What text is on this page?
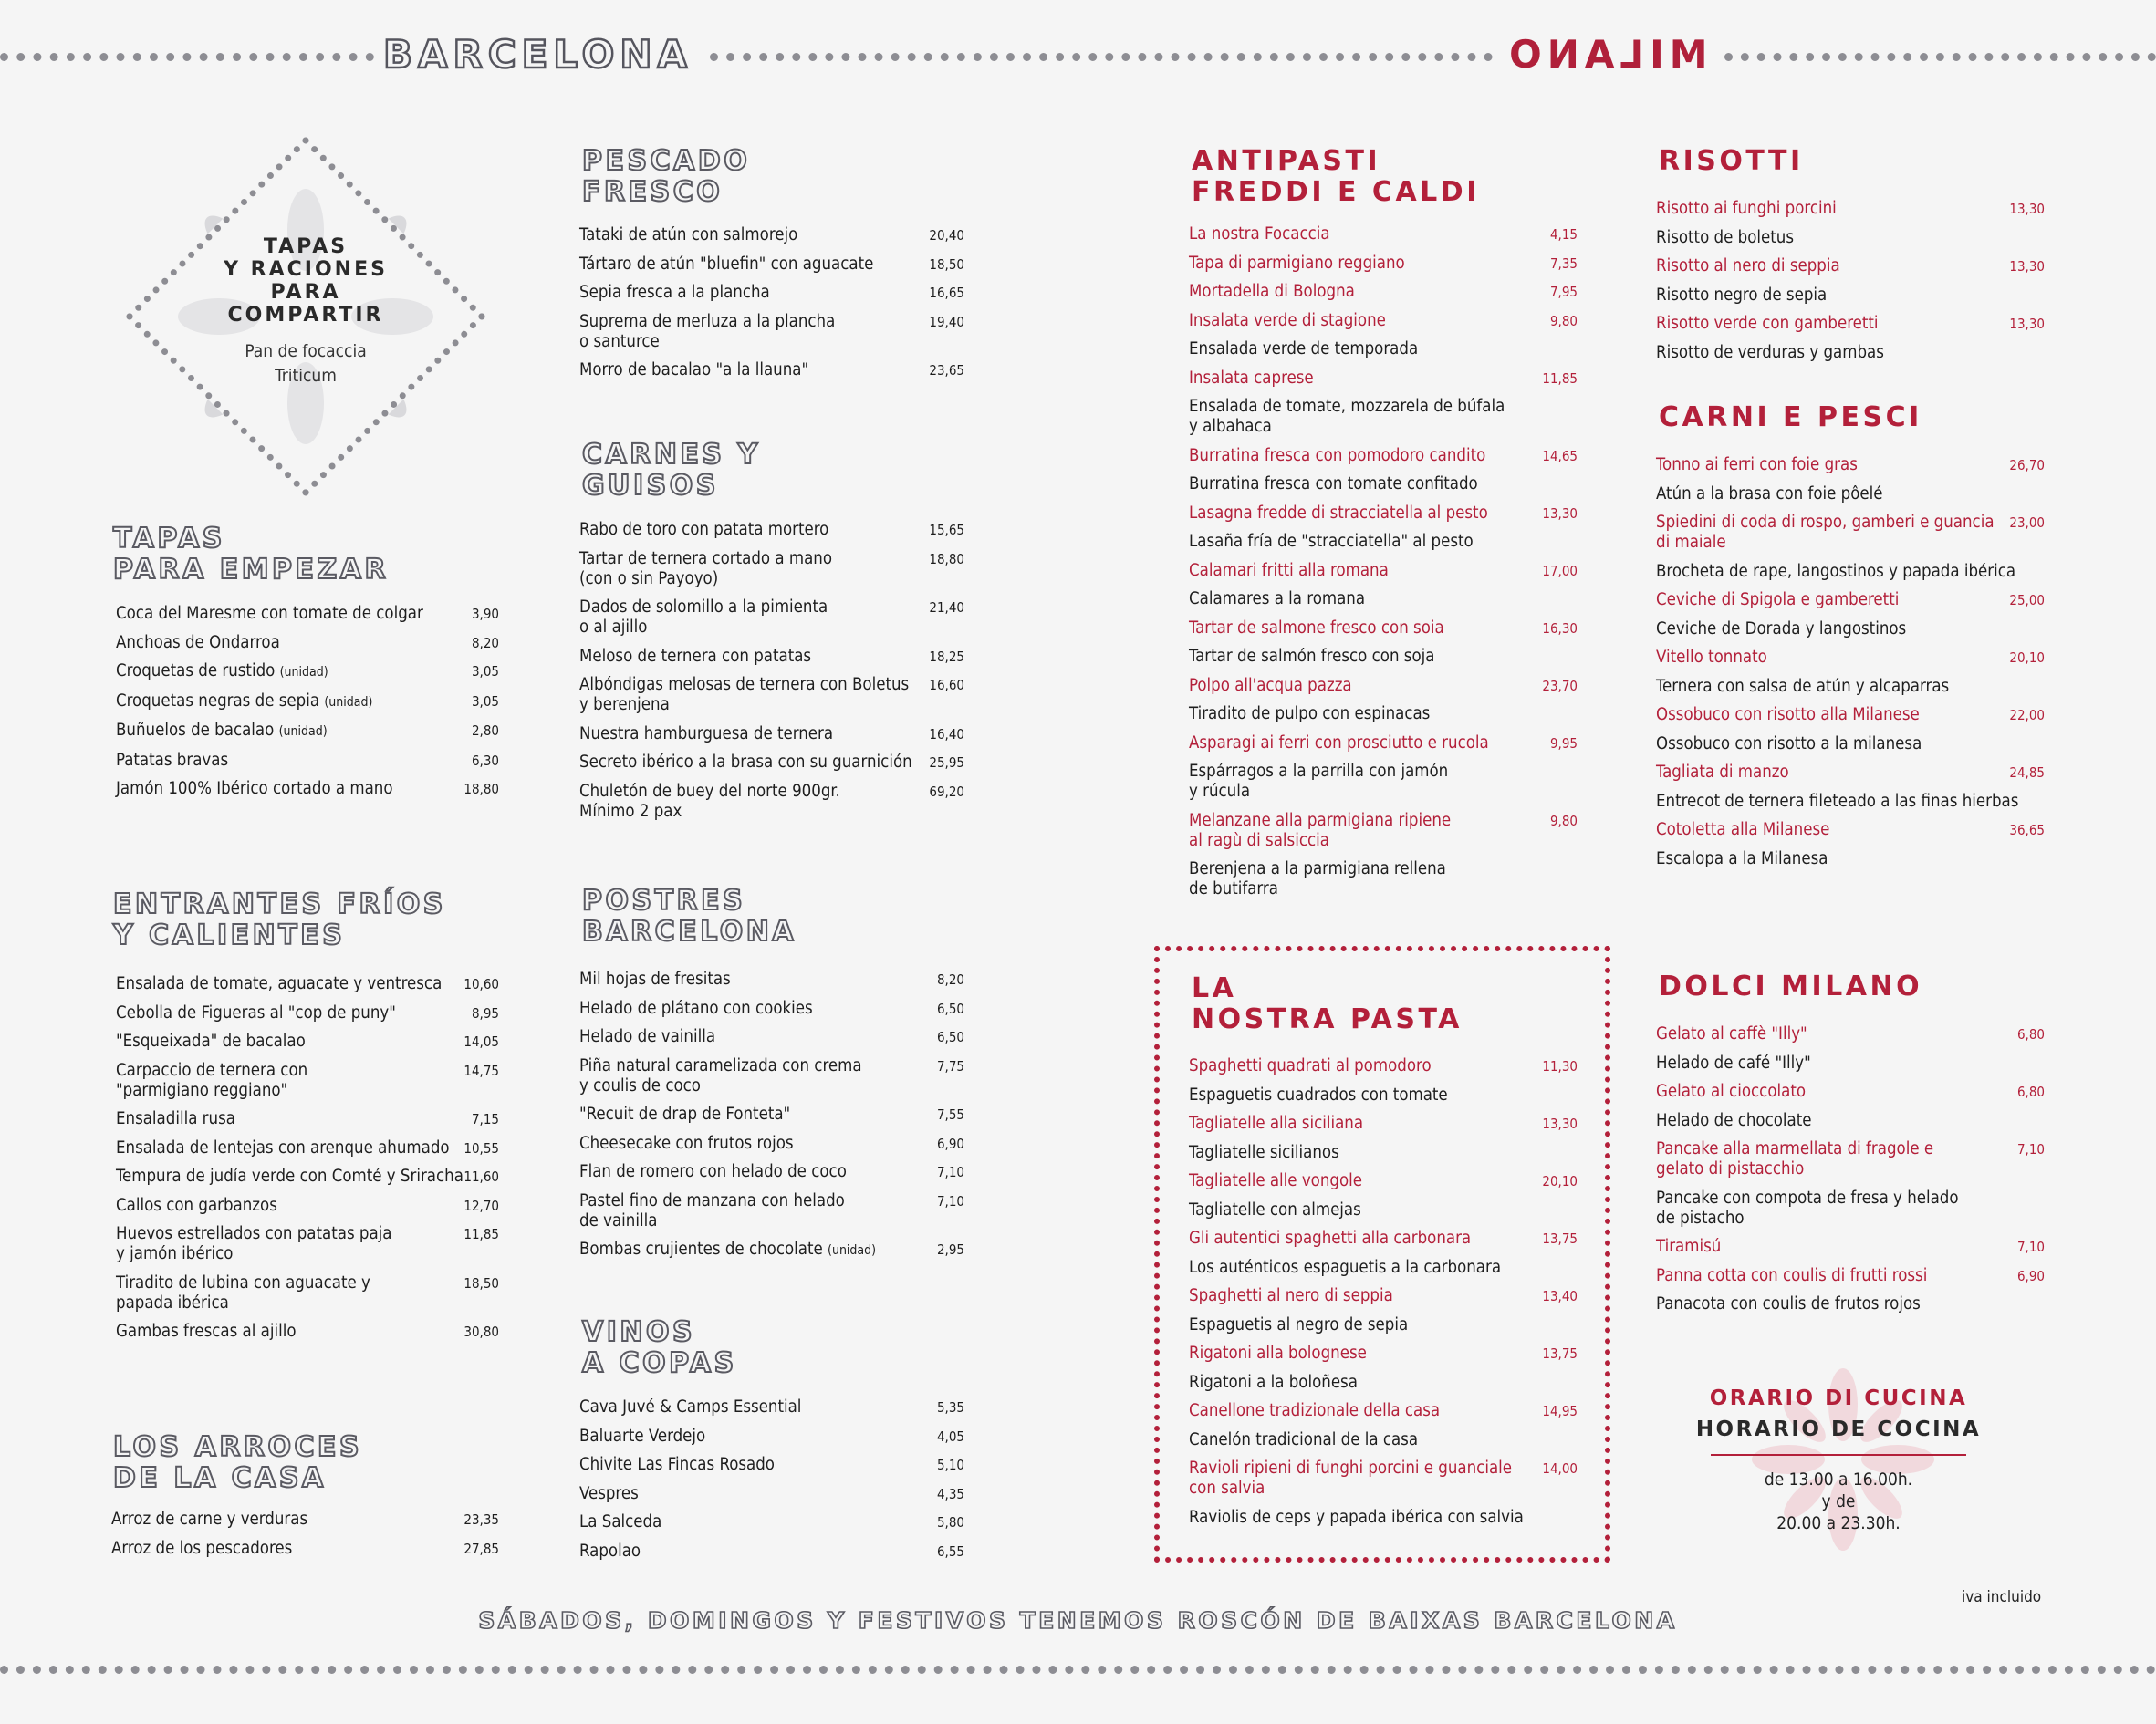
BARCELONA	MILANO
TAPAS
Y RACIONES
PARA
COMPARTIR
Pan de focaccia
Triticum
TAPAS
PARA EMPEZAR
ENTRANTES FRÍOS
Y CALIENTES
LOS ARROCES
DE LA CASA
PESCADO
FRESCO
CARNES Y
GUISOS
POSTRES
BARCELONA
VINOS
A COPAS
ANTIPASTI
FREDDI E CALDI
LA
NOSTRA PASTA
RISOTTI
CARNI E PESCI
DOLCI MILANO
Coca del Maresme con tomate de colgar	3,90
Anchoas de Ondarroa	8,20
Croquetas de rustido (unidad)	3,05
Croquetas negras de sepia (unidad)	3,05
Buñuelos de bacalao (unidad)	2,80
Patatas bravas	6,30
Jamón 100% Ibérico cortado a mano	18,80
Ensalada de tomate, aguacate y ventresca	10,60
Cebolla de Figueras al "cop de puny"	8,95
"Esqueixada" de bacalao	14,05
Carpaccio de ternera con
"parmigiano reggiano"
14,75
Ensaladilla rusa	7,15
Ensalada de lentejas con arenque ahumado	10,55
Tempura de judía verde con Comté y Sriracha 11,60
Callos con garbanzos	12,70
Huevos estrellados con patatas paja
y jamón ibérico
11,85
Tiradito de lubina con aguacate y
papada ibérica
18,50
Gambas frescas al ajillo	30,80
Arroz de carne y verduras	23,35
Arroz de los pescadores	27,85
Tataki de atún con salmorejo	20,40
Tártaro de atún "bluefin" con aguacate	18,50
Sepia fresca a la plancha	16,65
Suprema de merluza a la plancha
o santurce
19,40
Morro de bacalao "a la llauna"	23,65
Rabo de toro con patata mortero	15,65
Tartar de ternera cortado a mano
(con o sin Payoyo)
18,80
Dados de solomillo a la pimienta
o al ajillo
21,40
Meloso de ternera con patatas	18,25
Albóndigas melosas de ternera con Boletus
y berenjena
16,60
Nuestra hamburguesa de ternera	16,40
Secreto ibérico a la brasa con su guarnición	25,95
Chuletón de buey del norte 900gr.
Mínimo 2 pax
69,20
Mil hojas de fresitas	8,20
Helado de plátano con cookies	6,50
Helado de vainilla	6,50
Piña natural caramelizada con crema
y coulis de coco
7,75
"Recuit de drap de Fonteta"	7,55
Cheesecake con frutos rojos	6,90
Flan de romero con helado de coco	7,10
Pastel fino de manzana con helado
de vainilla
7,10
Bombas crujientes de chocolate (unidad)	2,95
Cava Juvé & Camps Essential	5,35
Baluarte Verdejo	4,05
Chivite Las Fincas Rosado	5,10
Vespres	4,35
La Salceda	5,80
Rapolao	6,55
La nostra Focaccia	4,15
Tapa di parmigiano reggiano	7,35
Mortadella di Bologna	7,95
Insalata verde di stagione	9,80
Ensalada verde de temporada
Insalata caprese	11,85
Ensalada de tomate, mozzarela de búfala
y albahaca
Burratina fresca con pomodoro candito	14,65
Burratina fresca con tomate confitado
Lasagna fredde di stracciatella al pesto	13,30
Lasaña fría de "stracciatella" al pesto
Calamari fritti alla romana	17,00
Calamares a la romana
Tartar de salmone fresco con soia	16,30
Tartar de salmón fresco con soja
Polpo all'acqua pazza	23,70
Tiradito de pulpo con espinacas
Asparagi ai ferri con prosciutto e rucola	9,95
Espárragos a la parrilla con jamón
y rúcula
Melanzane alla parmigiana ripiene
al ragù di salsiccia
9,80
Berenjena a la parmigiana rellena
de butifarra
Spaghetti quadrati al pomodoro	11,30
Espaguetis cuadrados con tomate
Tagliatelle alla siciliana	13,30
Tagliatelle sicilianos
Tagliatelle alle vongole	20,10
Tagliatelle con almejas
Gli autentici spaghetti alla carbonara	13,75
Los auténticos espaguetis a la carbonara
Spaghetti al nero di seppia	13,40
Espaguetis al negro de sepia
Rigatoni alla bolognese	13,75
Rigatoni a la boloñesa
Canellone tradizionale della casa	14,95
Canelón tradicional de la casa
Ravioli ripieni di funghi porcini e guanciale
con salvia
14,00
Raviolis de ceps y papada ibérica con salvia
Risotto ai funghi porcini	13,30
Risotto de boletus
Risotto al nero di seppia	13,30
Risotto negro de sepia
Risotto verde con gamberetti	13,30
Risotto de verduras y gambas
Tonno ai ferri con foie gras	26,70
Atún a la brasa con foie pôelé
Spiedini di coda di rospo, gamberi e guancia
di maiale
23,00
Brocheta de rape, langostinos y papada ibérica
Ceviche di Spigola e gamberetti	25,00
Ceviche de Dorada y langostinos
Vitello tonnato	20,10
Ternera con salsa de atún y alcaparras
Ossobuco con risotto alla Milanese	22,00
Ossobuco con risotto a la milanesa
Tagliata di manzo	24,85
Entrecot de ternera fileteado a las finas hierbas
Cotoletta alla Milanese	36,65
Escalopa a la Milanesa
Gelato al caffè "Illy"	6,80
Helado de café "Illy"
Gelato al cioccolato	6,80
Helado de chocolate
Pancake alla marmellata di fragole e
gelato di pistacchio
7,10
Pancake con compota de fresa y helado
de pistacho
Tiramisú	7,10
Panna cotta con coulis di frutti rossi	6,90
Panacota con coulis de frutos rojos
ORARIO DI CUCINA
HORARIO DE COCINA
de 13.00 a 16.00h.
y de
20.00 a 23.30h.
iva incluido
SÁBADOS, DOMINGOS Y FESTIVOS TENEMOS ROSCÓN DE BAIXAS BARCELONA
